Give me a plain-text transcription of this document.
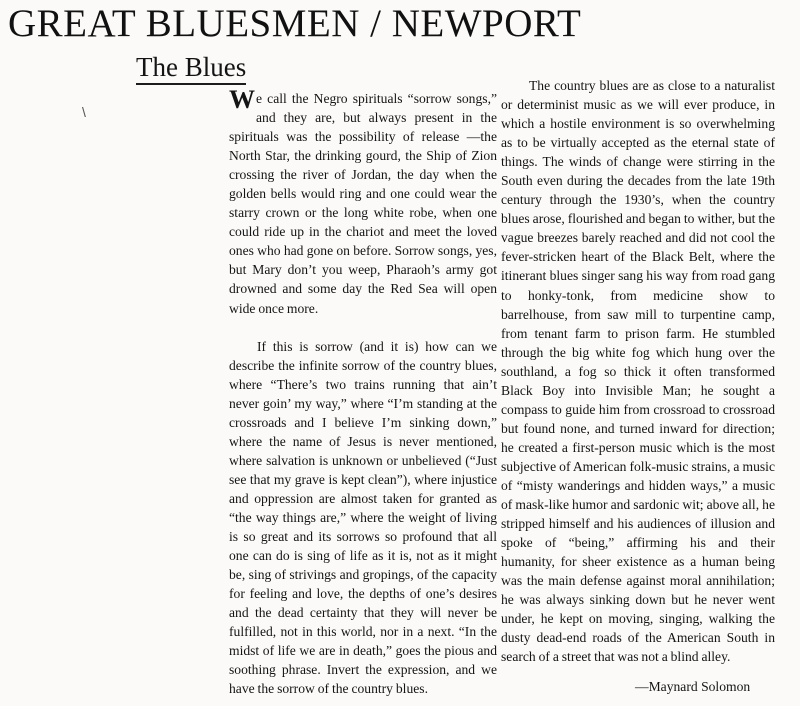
GREAT BLUESMEN / NEWPORT
The Blues
\	We call the Negro spirituals “sorrow songs,” and they are, but always present in the spirituals was the possibility of release —the North Star, the drinking gourd, the Ship of Zion crossing the river of Jordan, the day when the golden bells would ring and one could wear the starry crown or the long white robe, when one could ride up in the chariot and meet the loved ones who had gone on before. Sorrow songs, yes, but Mary don’t you weep, Pharaoh’s army got drowned and some day the Red Sea will open wide once more.

If this is sorrow (and it is) how can we describe the infinite sorrow of the country blues, where “There’s two trains running that ain’t never goin’ my way,” where “I’m standing at the crossroads and I believe I’m sinking down,” where the name of Jesus is never mentioned, where salvation is unknown or unbelieved (“Just see that my grave is kept clean”), where injustice and oppression are almost taken for granted as “the way things are,” where the weight of living is so great and its sorrows so profound that all one can do is sing of life as it is, not as it might be, sing of strivings and gropings, of the capacity for feeling and love, the depths of one’s desires and the dead certainty that they will never be fulfilled, not in this world, nor in a next. “In the midst of life we are in death,” goes the pious and soothing phrase. Invert the expression, and we have the sorrow of the country blues.

The country blues are as close to a naturalist or determinist music as we will ever produce, in which a hostile environment is so overwhelming as to be virtually accepted as the eternal state of things. The winds of change were stirring in the South even during the decades from the late 19th century through the 1930’s, when the country blues arose, flourished and began to wither, but the vague breezes barely reached and did not cool the fever-stricken heart of the Black Belt, where the itinerant blues singer sang his way from road gang to honky-tonk, from medicine show to barrelhouse, from saw mill to turpentine camp, from tenant farm to prison farm. He stumbled through the big white fog which hung over the southland, a fog so thick it often transformed Black Boy into Invisible Man; he sought a compass to guide him from crossroad to crossroad but found none, and turned inward for direction; he created a first-person music which is the most subjective of American folk-music strains, a music of “misty wanderings and hidden ways,” a music of mask-like humor and sardonic wit; above all, he stripped himself and his audiences of illusion and spoke of “being,” affirming his and their humanity, for sheer existence as a human being was the main defense against moral annihilation; he was always sinking down but he never went under, he kept on moving, singing, walking the dusty dead-end roads of the American South in search of a street that was not a blind alley.

—Maynard Solomon
